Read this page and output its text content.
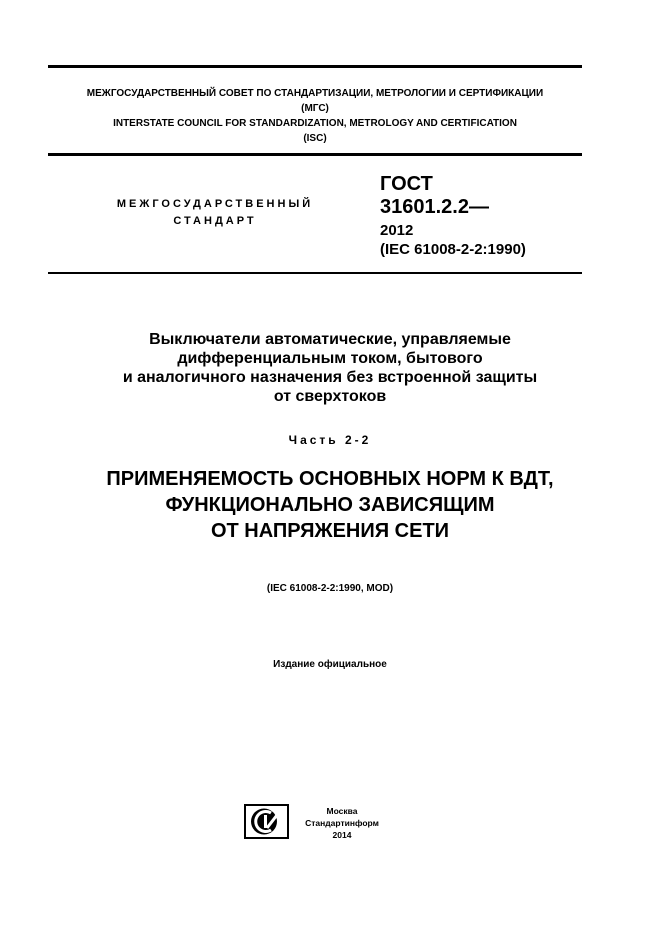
МЕЖГОСУДАРСТВЕННЫЙ СОВЕТ ПО СТАНДАРТИЗАЦИИ, МЕТРОЛОГИИ И СЕРТИФИКАЦИИ
(МГС)
INTERSTATE COUNCIL FOR STANDARDIZATION, METROLOGY AND CERTIFICATION
(ISC)
МЕЖГОСУДАРСТВЕННЫЙ
СТАНДАРТ
ГОСТ
31601.2.2—
2012
(IEC 61008-2-2:1990)
Выключатели автоматические, управляемые
дифференциальным током, бытового
и аналогичного назначения без встроенной защиты
от сверхтоков
Часть 2-2
ПРИМЕНЯЕМОСТЬ ОСНОВНЫХ НОРМ К ВДТ,
ФУНКЦИОНАЛЬНО ЗАВИСЯЩИМ
ОТ НАПРЯЖЕНИЯ СЕТИ
(IEC 61008-2-2:1990, MOD)
Издание официальное
Москва
Стандартинформ
2014
